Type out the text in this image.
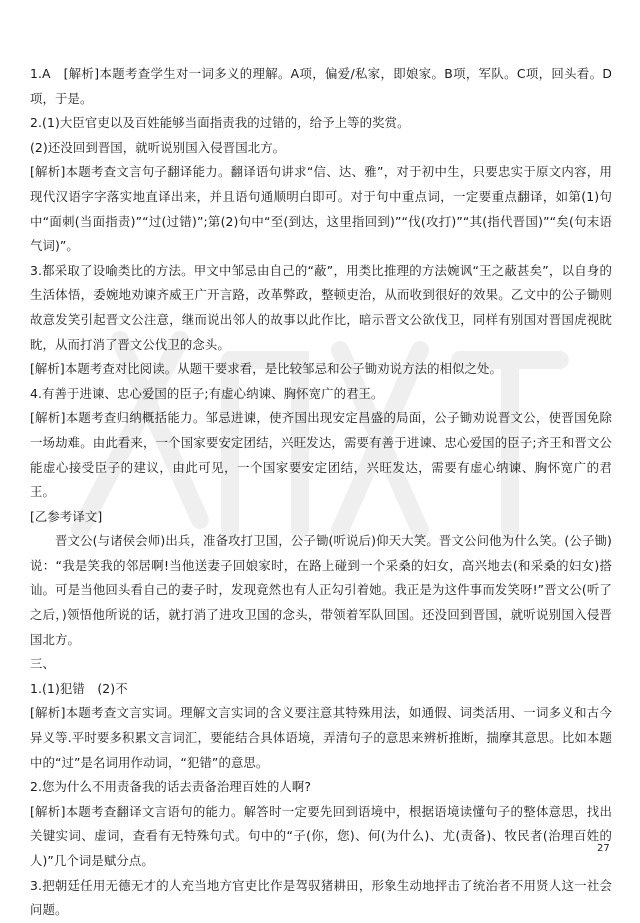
1.A　[解析]本题考查学生对一词多义的理解。A项，偏爱/私家，即娘家。B项，军队。C项，回头看。D项，于是。

2.(1)大臣官吏以及百姓能够当面指责我的过错的，给予上等的奖赏。

(2)还没回到晋国，就听说别国入侵晋国北方。

[解析]本题考查文言句子翻译能力。翻译语句讲求“信、达、雅”，对于初中生，只要忠实于原文内容，用现代汉语字字落实地直译出来，并且语句通顺明白即可。对于句中重点词，一定要重点翻译，如第(1)句中“面刺(当面指责)”“过(过错)”;第(2)句中“至(到达，这里指回到)”“伐(攻打)”“其(指代晋国)”“矣(句末语气词)”。

3.都采取了设喻类比的方法。甲文中邹忌由自己的“蔽”，用类比推理的方法婉讽“王之蔽甚矣”，以自身的生活体悟，委婉地劝谏齐威王广开言路，改革弊政，整顿吏治，从而收到很好的效果。乙文中的公子锄则故意发笑引起晋文公注意，继而说出邻人的故事以此作比，暗示晋文公欲伐卫，同样有别国对晋国虎视眈眈，从而打消了晋文公伐卫的念头。

[解析]本题考查对比阅读。从题干要求看，是比较邹忌和公子锄劝说方法的相似之处。

4.有善于进谏、忠心爱国的臣子;有虚心纳谏、胸怀宽广的君王。

[解析]本题考查归纳概括能力。邹忌进谏，使齐国出现安定昌盛的局面，公子锄劝说晋文公，使晋国免除一场劫难。由此看来，一个国家要安定团结，兴旺发达，需要有善于进谏、忠心爱国的臣子;齐王和晋文公能虚心接受臣子的建议，由此可见，一个国家要安定团结，兴旺发达，需要有虚心纳谏、胸怀宽广的君王。

[乙参考译文]

晋文公(与诸侯会师)出兵，准备攻打卫国，公子锄(听说后)仰天大笑。晋文公问他为什么笑。(公子锄)说：“我是笑我的邻居啊!当他送妻子回娘家时，在路上碰到一个采桑的妇女，高兴地去(和采桑的妇女)搭讪。可是当他回头看自己的妻子时，发现竟然也有人正勾引着她。我正是为这件事而发笑呀!”晋文公(听了之后，)领悟他所说的话，就打消了进攻卫国的念头，带领着军队回国。还没回到晋国，就听说别国入侵晋国北方。

三、

1.(1)犯错　(2)不

[解析]本题考查文言实词。理解文言实词的含义要注意其特殊用法，如通假、词类活用、一词多义和古今异义等.平时要多积累文言词汇，要能结合具体语境，弄清句子的意思来辨析推断，揣摩其意思。比如本题中的“过”是名词用作动词，“犯错”的意思。

2.您为什么不用责备我的话去责备治理百姓的人啊?

[解析]本题考查翻译文言语句的能力。解答时一定要先回到语境中，根据语境读懂句子的整体意思，找出关键实词、虚词，查看有无特殊句式。句中的“子(你，您)、何(为什么)、尤(责备)、牧民者(治理百姓的人)”几个词是赋分点。

3.把朝廷任用无德无才的人充当地方官吏比作是驾驭猪耕田，形象生动地抨击了统治者不用贤人这一社会问题。

27
